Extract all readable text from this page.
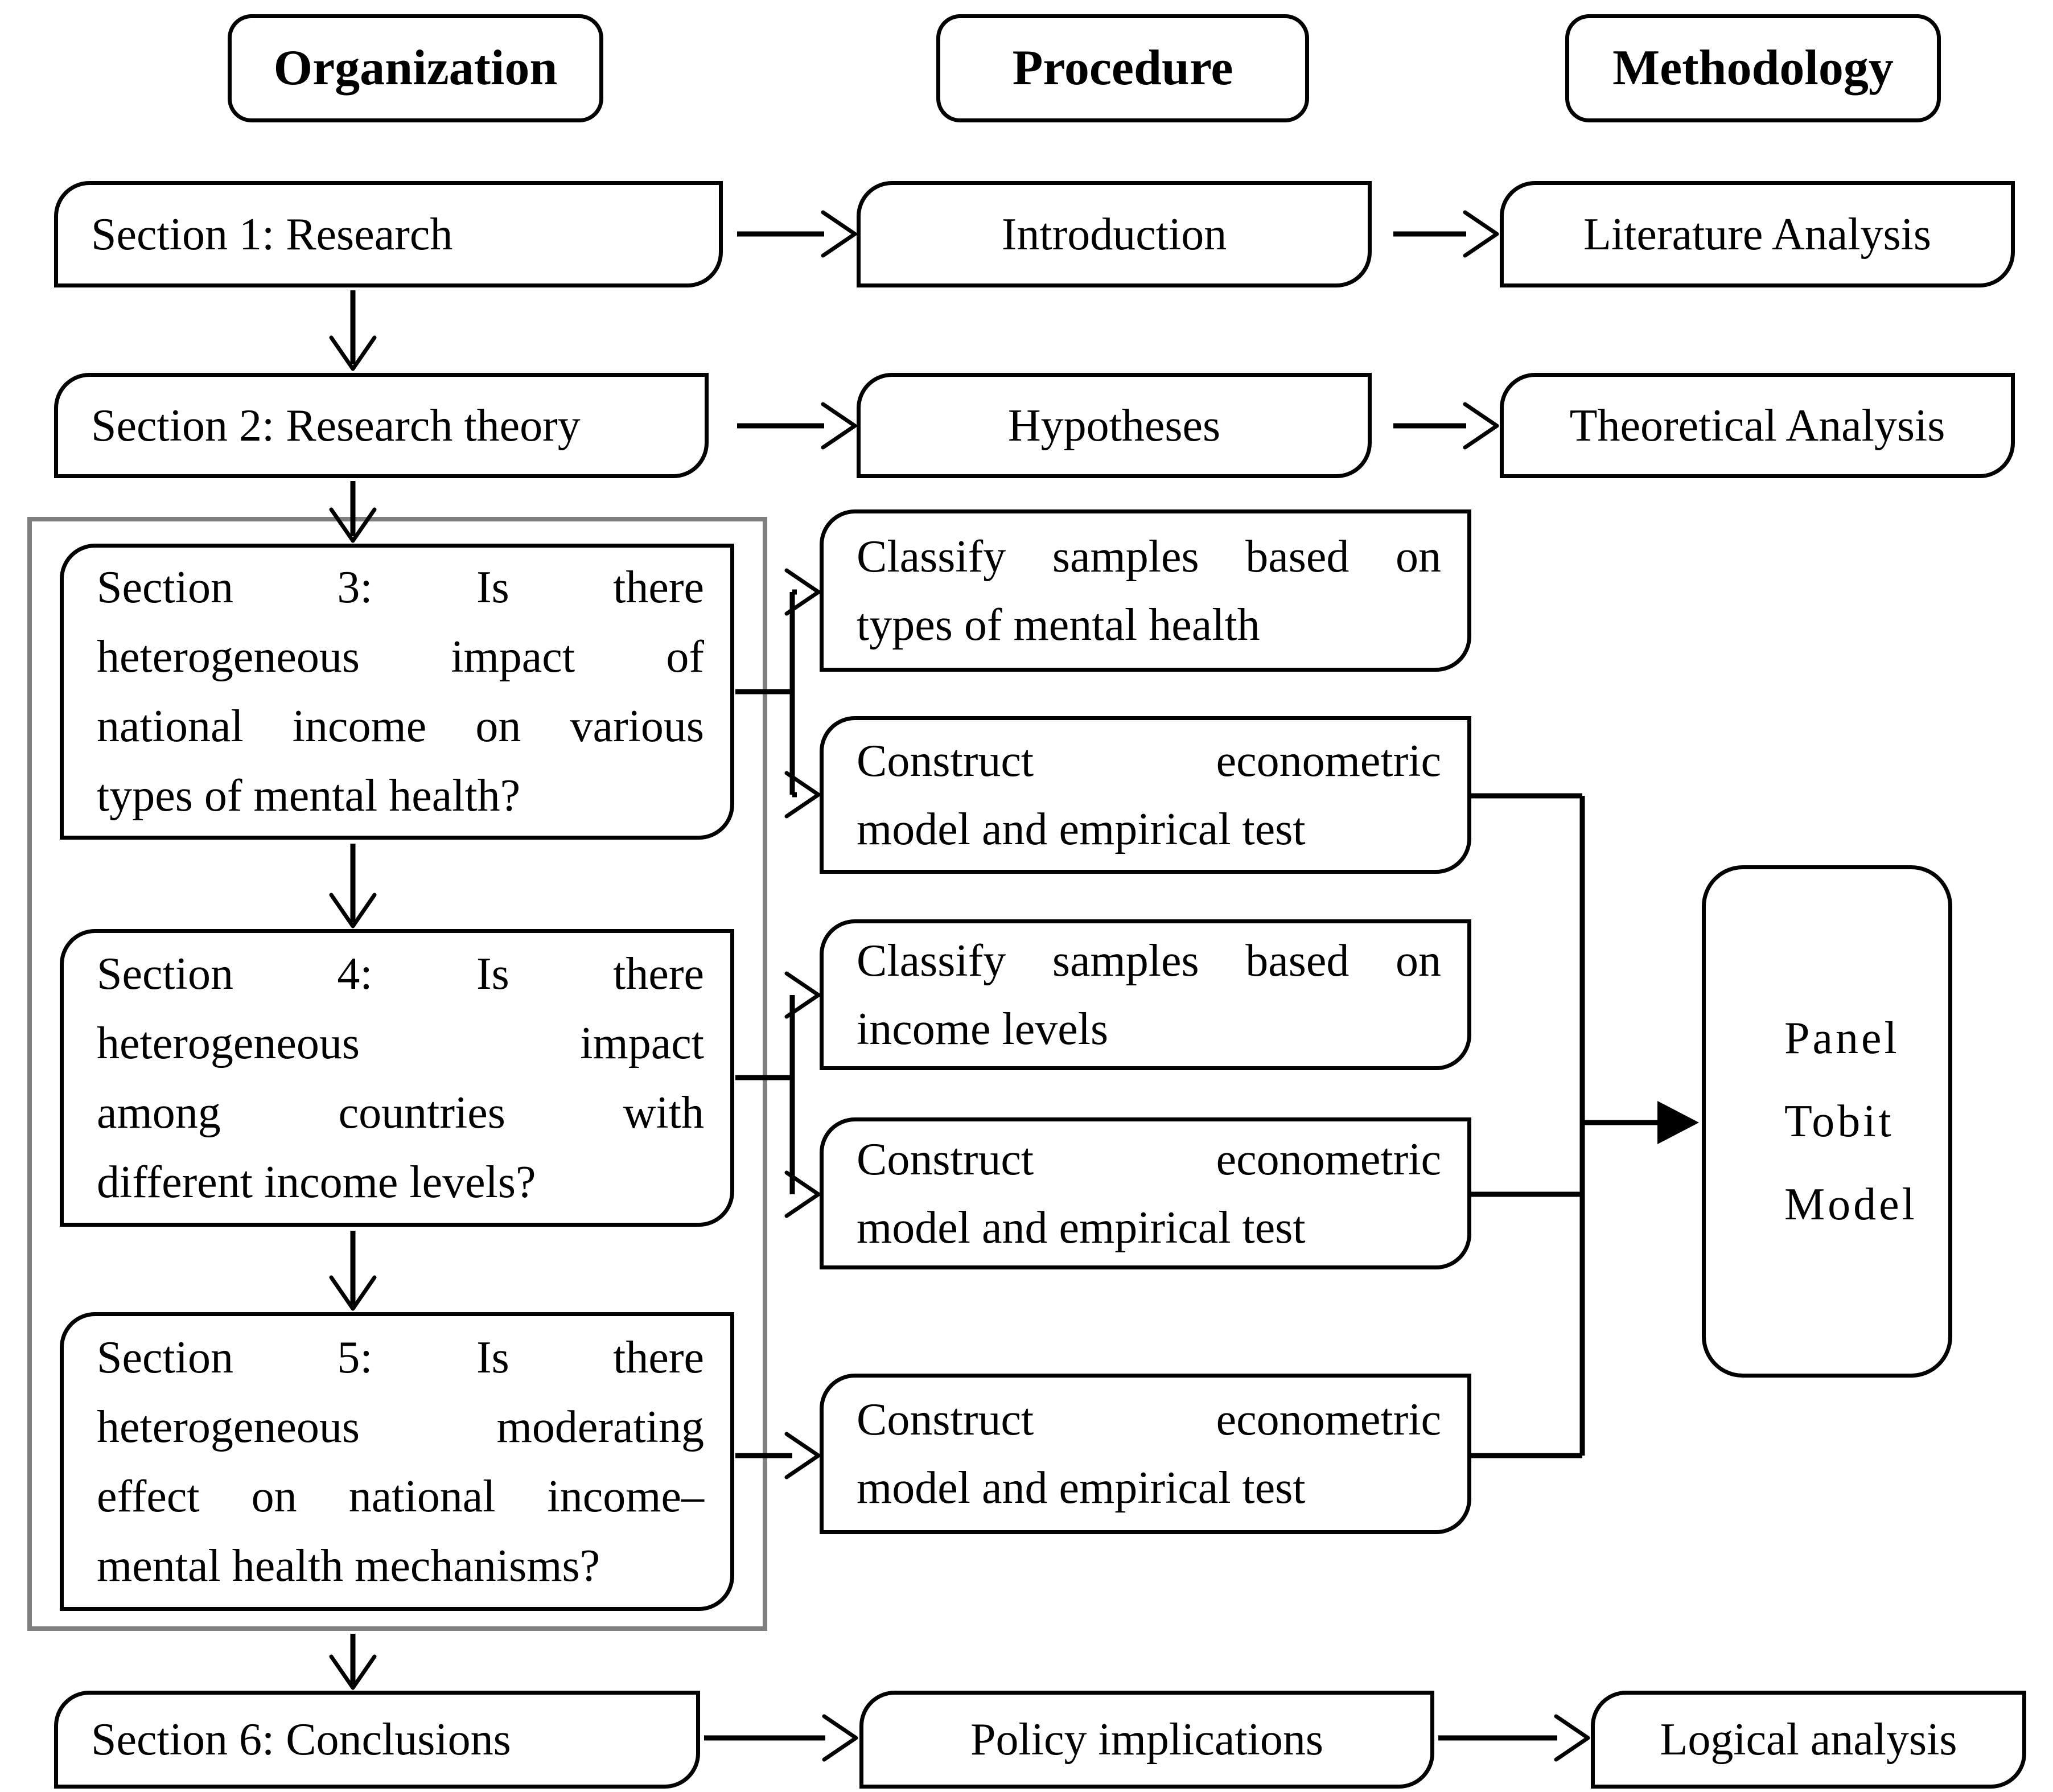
Organization	Procedure	Methodology
Section 1: Research	Introduction	Literature Analysis
Section 2: Research theory	Hypotheses	Theoretical Analysis
Section 3: Is there
heterogeneous impact of
national income on various
types of mental health?
Section 4: Is there
heterogeneous impact
among countries with
different income levels?
Section 5: Is there
heterogeneous moderating
effect on national income–
mental health mechanisms?
Classify samples based on
types of mental health
Construct econometric
model and empirical test
Classify samples based on
income levels
Construct econometric
model and empirical test
Construct econometric
model and empirical test
Panel
Tobit
Model
Section 6: Conclusions	Policy implications	Logical analysis
